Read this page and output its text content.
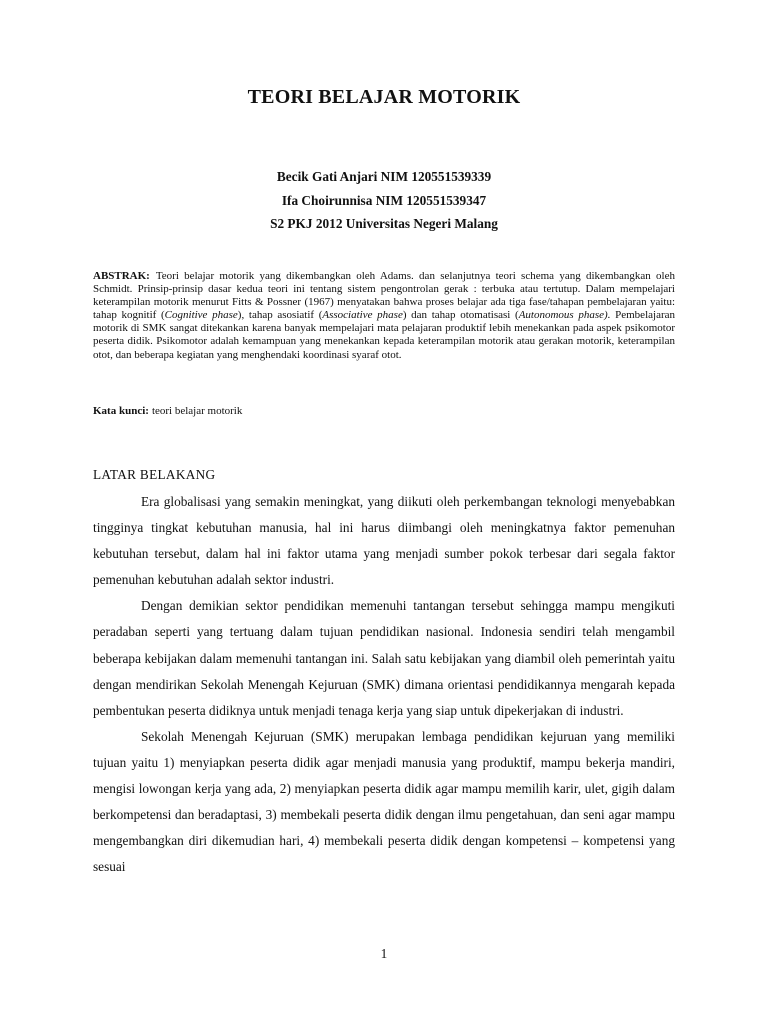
TEORI BELAJAR MOTORIK
Becik Gati Anjari NIM 120551539339
Ifa Choirunnisa NIM 120551539347
S2 PKJ 2012 Universitas Negeri Malang
ABSTRAK: Teori belajar motorik yang dikembangkan oleh Adams. dan selanjutnya teori schema yang dikembangkan oleh Schmidt. Prinsip-prinsip dasar kedua teori ini tentang sistem pengontrolan gerak : terbuka atau tertutup. Dalam mempelajari keterampilan motorik menurut Fitts & Possner (1967) menyatakan bahwa proses belajar ada tiga fase/tahapan pembelajaran yaitu: tahap kognitif (Cognitive phase), tahap asosiatif (Associative phase) dan tahap otomatisasi (Autonomous phase). Pembelajaran motorik di SMK sangat ditekankan karena banyak mempelajari mata pelajaran produktif lebih menekankan pada aspek psikomotor peserta didik. Psikomotor adalah kemampuan yang menekankan kepada keterampilan motorik atau gerakan motorik, keterampilan otot, dan beberapa kegiatan yang menghendaki koordinasi syaraf otot.
Kata kunci: teori belajar motorik
LATAR BELAKANG

Era globalisasi yang semakin meningkat, yang diikuti oleh perkembangan teknologi menyebabkan tingginya tingkat kebutuhan manusia, hal ini harus diimbangi oleh meningkatnya faktor pemenuhan kebutuhan tersebut, dalam hal ini faktor utama yang menjadi sumber pokok terbesar dari segala faktor pemenuhan kebutuhan adalah sektor industri.

Dengan demikian sektor pendidikan memenuhi tantangan tersebut sehingga mampu mengikuti peradaban seperti yang tertuang dalam tujuan pendidikan nasional. Indonesia sendiri telah mengambil beberapa kebijakan dalam memenuhi tantangan ini. Salah satu kebijakan yang diambil oleh pemerintah yaitu dengan mendirikan Sekolah Menengah Kejuruan (SMK) dimana orientasi pendidikannya mengarah kepada pembentukan peserta didiknya untuk menjadi tenaga kerja yang siap untuk dipekerjakan di industri.

Sekolah Menengah Kejuruan (SMK) merupakan lembaga pendidikan kejuruan yang memiliki tujuan yaitu 1) menyiapkan peserta didik agar menjadi manusia yang produktif, mampu bekerja mandiri, mengisi lowongan kerja yang ada, 2) menyiapkan peserta didik agar mampu memilih karir, ulet, gigih dalam berkompetensi dan beradaptasi, 3) membekali peserta didik dengan ilmu pengetahuan, dan seni agar mampu mengembangkan diri dikemudian hari, 4) membekali peserta didik dengan kompetensi – kompetensi yang sesuai

1
